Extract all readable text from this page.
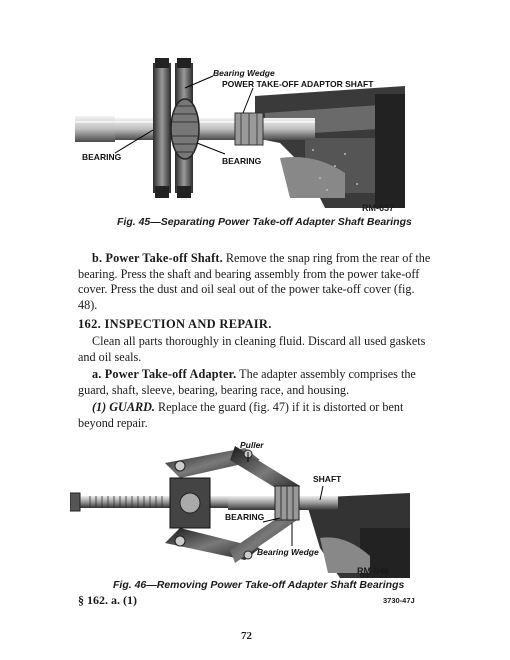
Bearing Wedge
POWER TAKE-OFF ADAPTOR SHAFT
BEARING	BEARING
RM-657
Fig. 45—Separating Power Take-off Adapter Shaft Bearings

b. Power Take-off Shaft. Remove the snap ring from the rear of the bearing. Press the shaft and bearing assembly from the power take-off cover. Press the dust and oil seal out of the power take-off cover (fig. 48).

162. INSPECTION AND REPAIR.

Clean all parts thoroughly in cleaning fluid. Discard all used gaskets and oil seals.

a. Power Take-off Adapter. The adapter assembly comprises the guard, shaft, sleeve, bearing, bearing race, and housing.

(1) GUARD. Replace the guard (fig. 47) if it is distorted or bent beyond repair.

Puller
SHAFT
BEARING
Bearing Wedge
RM-646
Fig. 46—Removing Power Take-off Adapter Shaft Bearings
§ 162. a. (1)	3730-47J
72
